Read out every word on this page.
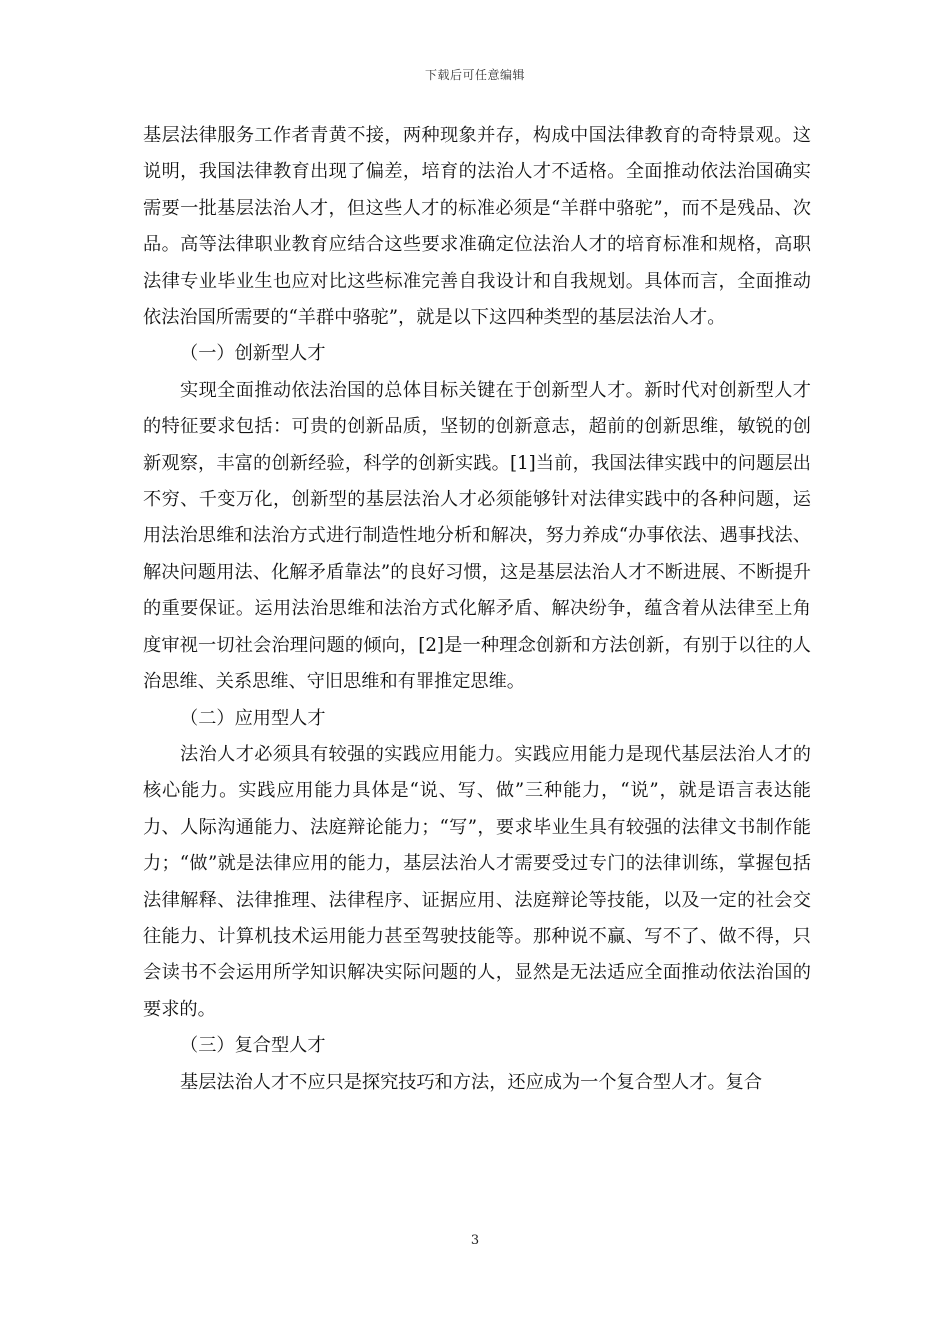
下载后可任意编辑

基层法律服务工作者青黄不接，两种现象并存，构成中国法律教育的奇特景观。这说明，我国法律教育出现了偏差，培育的法治人才不适格。全面推动依法治国确实需要一批基层法治人才，但这些人才的标准必须是“羊群中骆驼”，而不是残品、次品。高等法律职业教育应结合这些要求准确定位法治人才的培育标准和规格，高职法律专业毕业生也应对比这些标准完善自我设计和自我规划。具体而言，全面推动依法治国所需要的“羊群中骆驼”，就是以下这四种类型的基层法治人才。

（一）创新型人才

实现全面推动依法治国的总体目标关键在于创新型人才。新时代对创新型人才的特征要求包括：可贵的创新品质，坚韧的创新意志，超前的创新思维，敏锐的创新观察，丰富的创新经验，科学的创新实践。[1]当前，我国法律实践中的问题层出不穷、千变万化，创新型的基层法治人才必须能够针对法律实践中的各种问题，运用法治思维和法治方式进行制造性地分析和解决，努力养成“办事依法、遇事找法、解决问题用法、化解矛盾靠法”的良好习惯，这是基层法治人才不断进展、不断提升的重要保证。运用法治思维和法治方式化解矛盾、解决纷争，蕴含着从法律至上角度审视一切社会治理问题的倾向，[2]是一种理念创新和方法创新，有别于以往的人治思维、关系思维、守旧思维和有罪推定思维。

（二）应用型人才

法治人才必须具有较强的实践应用能力。实践应用能力是现代基层法治人才的核心能力。实践应用能力具体是“说、写、做”三种能力，“说”，就是语言表达能力、人际沟通能力、法庭辩论能力；“写”，要求毕业生具有较强的法律文书制作能力；“做”就是法律应用的能力，基层法治人才需要受过专门的法律训练，掌握包括法律解释、法律推理、法律程序、证据应用、法庭辩论等技能，以及一定的社会交往能力、计算机技术运用能力甚至驾驶技能等。那种说不赢、写不了、做不得，只会读书不会运用所学知识解决实际问题的人，显然是无法适应全面推动依法治国的要求的。

（三）复合型人才

基层法治人才不应只是探究技巧和方法，还应成为一个复合型人才。复合

3
